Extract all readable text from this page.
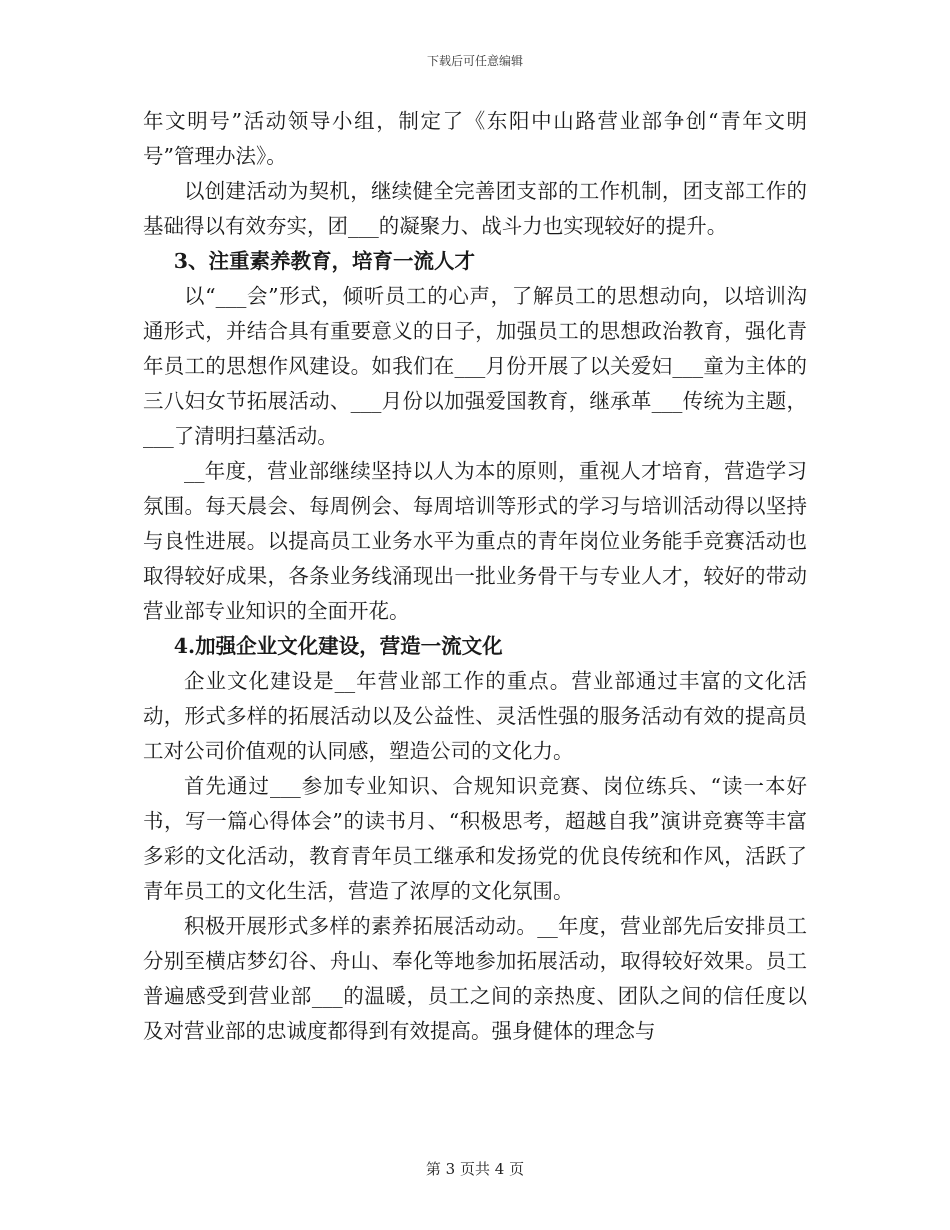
下载后可任意编辑

年文明号”活动领导小组，制定了《东阳中山路营业部争创“青年文明号”管理办法》。

以创建活动为契机，继续健全完善团支部的工作机制，团支部工作的基础得以有效夯实，团___的凝聚力、战斗力也实现较好的提升。

3、注重素养教育，培育一流人才

以“___会”形式，倾听员工的心声，了解员工的思想动向，以培训沟通形式，并结合具有重要意义的日子，加强员工的思想政治教育，强化青年员工的思想作风建设。如我们在___月份开展了以关爱妇___童为主体的三八妇女节拓展活动、___月份以加强爱国教育，继承革___传统为主题，___了清明扫墓活动。

__年度，营业部继续坚持以人为本的原则，重视人才培育，营造学习氛围。每天晨会、每周例会、每周培训等形式的学习与培训活动得以坚持与良性进展。以提高员工业务水平为重点的青年岗位业务能手竞赛活动也取得较好成果，各条业务线涌现出一批业务骨干与专业人才，较好的带动营业部专业知识的全面开花。

4.加强企业文化建设，营造一流文化

企业文化建设是__年营业部工作的重点。营业部通过丰富的文化活动，形式多样的拓展活动以及公益性、灵活性强的服务活动有效的提高员工对公司价值观的认同感，塑造公司的文化力。

首先通过___参加专业知识、合规知识竞赛、岗位练兵、“读一本好书，写一篇心得体会”的读书月、“积极思考，超越自我”演讲竞赛等丰富多彩的文化活动，教育青年员工继承和发扬党的优良传统和作风，活跃了青年员工的文化生活，营造了浓厚的文化氛围。

积极开展形式多样的素养拓展活动动。__年度，营业部先后安排员工分别至横店梦幻谷、舟山、奉化等地参加拓展活动，取得较好效果。员工普遍感受到营业部___的温暖，员工之间的亲热度、团队之间的信任度以及对营业部的忠诚度都得到有效提高。强身健体的理念与

第 3 页共 4 页
